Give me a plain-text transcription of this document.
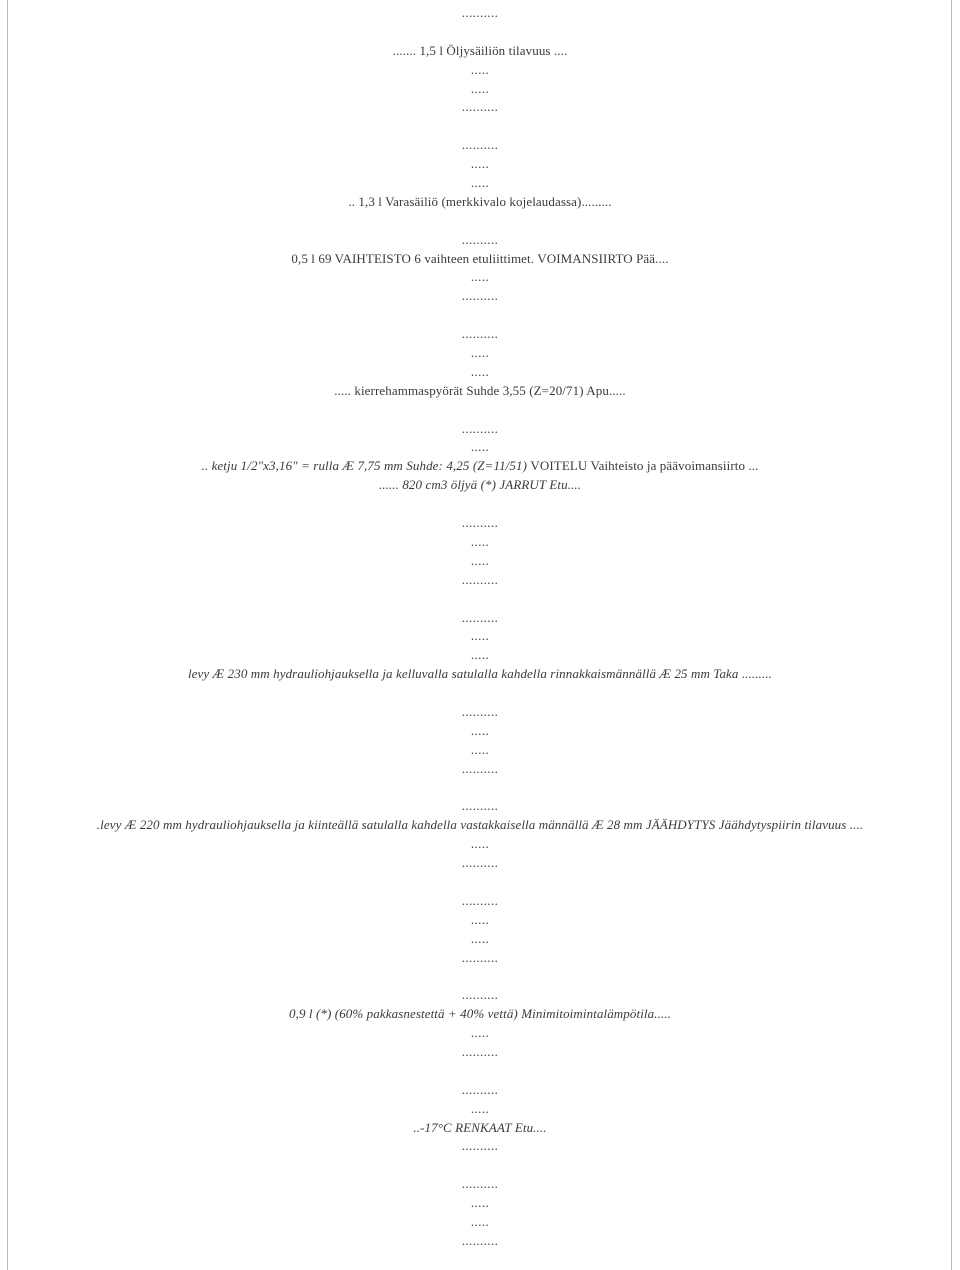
..........
....... 1,5 l Öljysäiliön tilavuus ....
.....
.....
..........
..........
.....
.....
.. 1,3 l Varasäiliö (merkkivalo kojelaudassa).........
..........
0,5 l 69 VAIHTEISTO 6 vaihteen etuliittimet. VOIMANSIIRTO Pää....
.....
..........
..........
.....
.....
..... kierrehammaspyörät Suhde 3,55 (Z=20/71) Apu.....
..........
.....
.. ketju 1/2"x3,16" = rulla Æ 7,75 mm Suhde: 4,25 (Z=11/51) VOITELU Vaihteisto ja päävoimansiirto ...
...... 820 cm3 öljyä (*) JARRUT Etu....
..........
.....
.....
..........
..........
.....
.....
levy Æ 230 mm hydrauliohjauksella ja kelluvalla satulalla kahdella rinnakkaismännällä Æ 25 mm Taka .........
..........
.....
.....
..........
..........
.levy Æ 220 mm hydrauliohjauksella ja kiinteällä satulalla kahdella vastakkaisella männällä Æ 28 mm JÄÄHDYTYS Jäähdytyspiirin tilavuus ....
.....
..........
..........
.....
.....
..........
..........
0,9 l (*) (60% pakkasnestettä + 40% vettä) Minimitoimintalämpötila.....
.....
..........
..........
.....
..-17°C RENKAAT Etu....
..........
..........
.....
.....
..........
